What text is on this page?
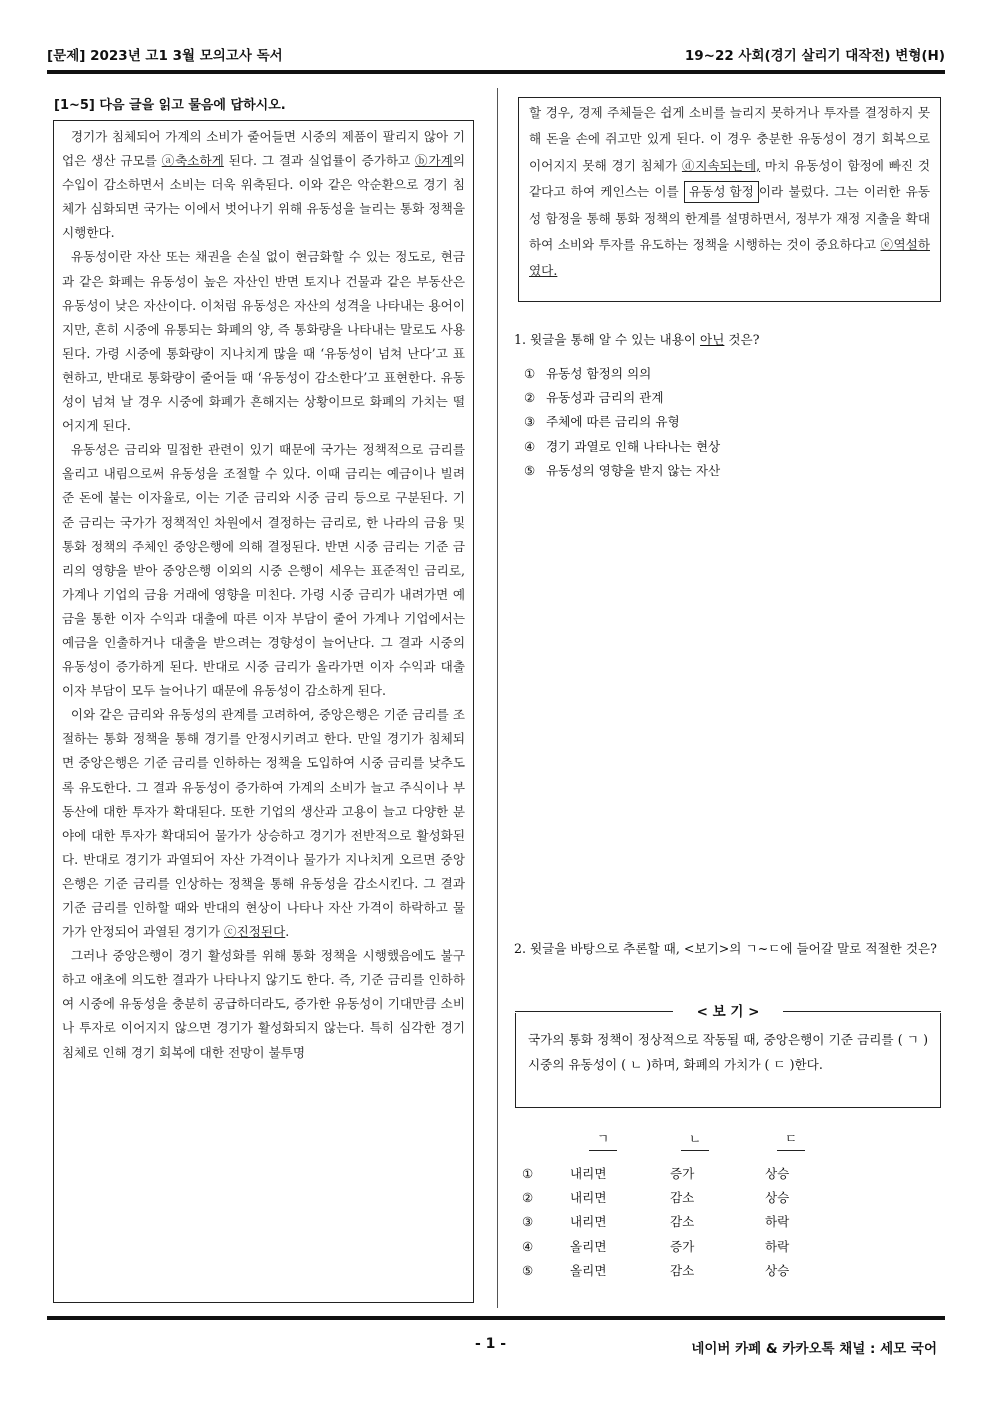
[문제] 2023년 고1 3월 모의고사 독서	19~22 사회(경기 살리기 대작전) 변형(H)
[1~5] 다음 글을 읽고 물음에 답하시오.

경기가 침체되어 가계의 소비가 줄어들면 시중의 제품이 팔리지 않아 기업은 생산 규모를 ⓐ축소하게 된다. 그 결과 실업률이 증가하고 ⓑ가계의 수입이 감소하면서 소비는 더욱 위축된다. 이와 같은 악순환으로 경기 침체가 심화되면 국가는 이에서 벗어나기 위해 유동성을 늘리는 통화 정책을 시행한다.

유동성이란 자산 또는 채권을 손실 없이 현금화할 수 있는 정도로, 현금과 같은 화폐는 유동성이 높은 자산인 반면 토지나 건물과 같은 부동산은 유동성이 낮은 자산이다. 이처럼 유동성은 자산의 성격을 나타내는 용어이지만, 흔히 시중에 유통되는 화폐의 양, 즉 통화량을 나타내는 말로도 사용된다. 가령 시중에 통화량이 지나치게 많을 때 ‘유동성이 넘쳐 난다’고 표현하고, 반대로 통화량이 줄어들 때 ‘유동성이 감소한다’고 표현한다. 유동성이 넘쳐 날 경우 시중에 화폐가 흔해지는 상황이므로 화폐의 가치는 떨어지게 된다.

유동성은 금리와 밀접한 관련이 있기 때문에 국가는 정책적으로 금리를 올리고 내림으로써 유동성을 조절할 수 있다. 이때 금리는 예금이나 빌려준 돈에 붙는 이자율로, 이는 기준 금리와 시중 금리 등으로 구분된다. 기준 금리는 국가가 정책적인 차원에서 결정하는 금리로, 한 나라의 금융 및 통화 정책의 주체인 중앙은행에 의해 결정된다. 반면 시중 금리는 기준 금리의 영향을 받아 중앙은행 이외의 시중 은행이 세우는 표준적인 금리로, 가계나 기업의 금융 거래에 영향을 미친다. 가령 시중 금리가 내려가면 예금을 통한 이자 수익과 대출에 따른 이자 부담이 줄어 가계나 기업에서는 예금을 인출하거나 대출을 받으려는 경향성이 늘어난다. 그 결과 시중의 유동성이 증가하게 된다. 반대로 시중 금리가 올라가면 이자 수익과 대출 이자 부담이 모두 늘어나기 때문에 유동성이 감소하게 된다.

이와 같은 금리와 유동성의 관계를 고려하여, 중앙은행은 기준 금리를 조절하는 통화 정책을 통해 경기를 안정시키려고 한다. 만일 경기가 침체되면 중앙은행은 기준 금리를 인하하는 정책을 도입하여 시중 금리를 낮추도록 유도한다. 그 결과 유동성이 증가하여 가계의 소비가 늘고 주식이나 부동산에 대한 투자가 확대된다. 또한 기업의 생산과 고용이 늘고 다양한 분야에 대한 투자가 확대되어 물가가 상승하고 경기가 전반적으로 활성화된다. 반대로 경기가 과열되어 자산 가격이나 물가가 지나치게 오르면 중앙은행은 기준 금리를 인상하는 정책을 통해 유동성을 감소시킨다. 그 결과 기준 금리를 인하할 때와 반대의 현상이 나타나 자산 가격이 하락하고 물가가 안정되어 과열된 경기가 ⓒ진정된다.

그러나 중앙은행이 경기 활성화를 위해 통화 정책을 시행했음에도 불구하고 애초에 의도한 결과가 나타나지 않기도 한다. 즉, 기준 금리를 인하하여 시중에 유동성을 충분히 공급하더라도, 증가한 유동성이 기대만큼 소비나 투자로 이어지지 않으면 경기가 활성화되지 않는다. 특히 심각한 경기 침체로 인해 경기 회복에 대한 전망이 불투명

할 경우, 경제 주체들은 쉽게 소비를 늘리지 못하거나 투자를 결정하지 못해 돈을 손에 쥐고만 있게 된다. 이 경우 충분한 유동성이 경기 회복으로 이어지지 못해 경기 침체가 ⓓ지속되는데, 마치 유동성이 함정에 빠진 것 같다고 하여 케인스는 이를 유동성 함정 이라 불렀다. 그는 이러한 유동성 함정을 통해 통화 정책의 한계를 설명하면서, 정부가 재정 지출을 확대하여 소비와 투자를 유도하는 정책을 시행하는 것이 중요하다고 ⓔ역설하였다.

1. 윗글을 통해 알 수 있는 내용이 아닌 것은?
① 유동성 함정의 의의
② 유동성과 금리의 관계
③ 주체에 따른 금리의 유형
④ 경기 과열로 인해 나타나는 현상
⑤ 유동성의 영향을 받지 않는 자산
2. 윗글을 바탕으로 추론할 때, <보기>의 ㄱ~ㄷ에 들어갈 말로 적절한 것은?
< 보 기 >

국가의 통화 정책이 정상적으로 작동될 때, 중앙은행이 기준 금리를 ( ㄱ ) 시중의 유동성이 ( ㄴ )하며, 화폐의 가치가 ( ㄷ )한다.

ㄱ	ㄴ	ㄷ
①	내리면	증가	상승
②	내리면	감소	상승
③	내리면	감소	하락
④	올리면	증가	하락
⑤	올리면	감소	상승
- 1 -	네이버 카페 & 카카오톡 채널 : 세모 국어
